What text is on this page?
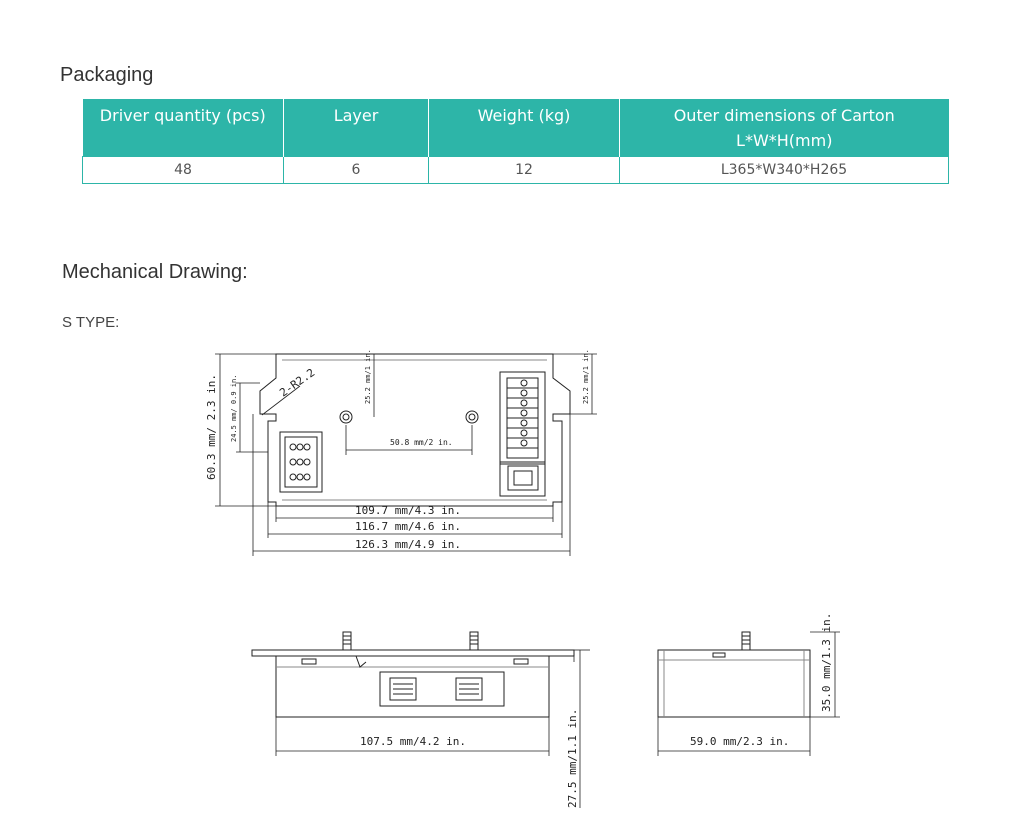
Packaging
Driver quantity (pcs)	Layer	Weight (kg)	Outer dimensions of Carton L*W*H(mm)

48	6	12	L365*W340*H265
Mechanical Drawing:
S TYPE:
60.3 mm/ 2.3 in. 24.5 mm/ 0.9 in.	25.2 mm/1 in.	25.2 mm/1 in.
50.8 mm/2 in.
2-R2.2
109.7 mm/4.3 in.
116.7 mm/4.6 in.
126.3 mm/4.9 in.
107.5 mm/4.2 in.	27.5 mm/1.1 in.	59.0 mm/2.3 in.
35.0 mm/1.3 in.
